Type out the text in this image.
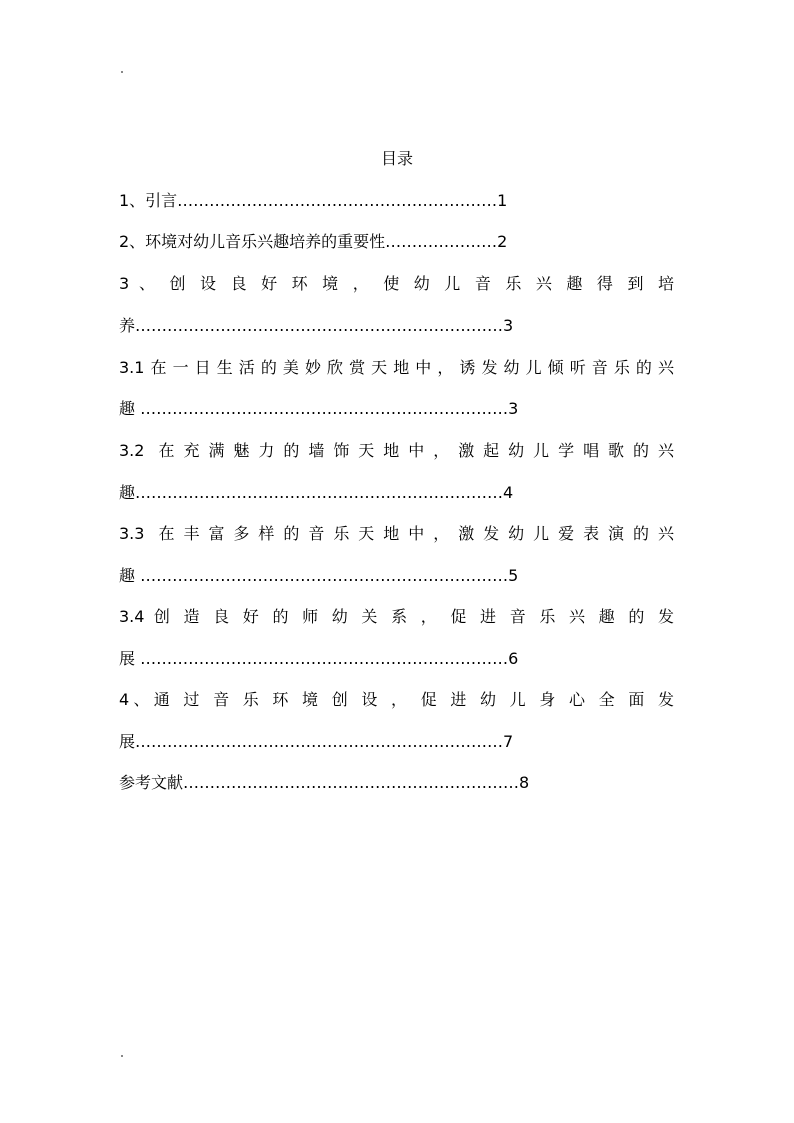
目录
1、引言……………………………………………………1
2、环境对幼儿音乐兴趣培养的重要性…………………2
3 、 创 设 良 好 环 境 ， 使 幼 儿 音 乐 兴 趣 得 到 培
养……………………………………………………………3
3.1在一日生活的美妙欣赏天地中，诱发幼儿倾听音乐的兴
趣 ……………………………………………………………3
3.2 在充满魅力的墙饰天地中，激起幼儿学唱歌的兴
趣……………………………………………………………4
3.3 在丰富多样的音乐天地中，激发幼儿爱表演的兴
趣 ……………………………………………………………5
3.4 创 造 良 好 的 师 幼 关 系 ， 促 进 音 乐 兴 趣 的 发
展 ……………………………………………………………6
4、通 过 音 乐 环 境 创 设 ， 促 进 幼 儿 身 心 全 面 发
展……………………………………………………………7
参考文献………………………………………………………8
